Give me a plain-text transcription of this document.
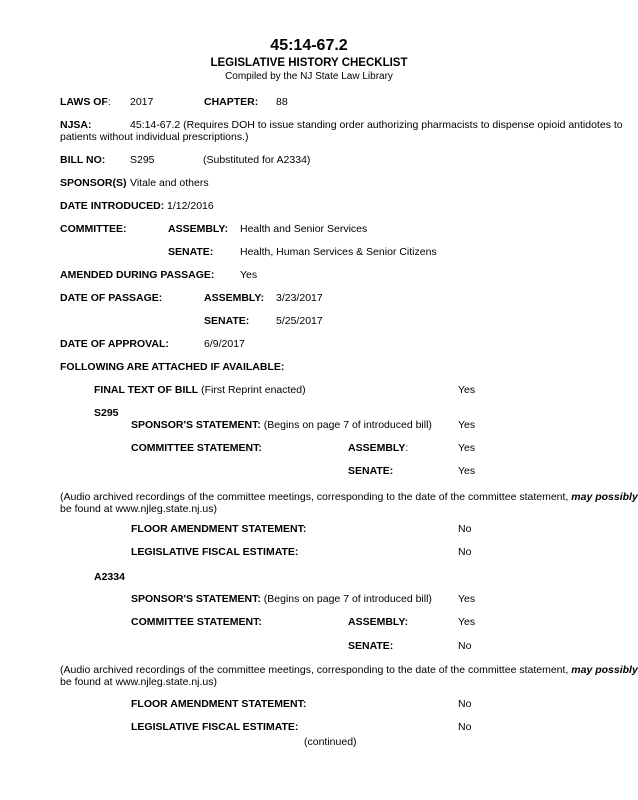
45:14-67.2
LEGISLATIVE HISTORY CHECKLIST
Compiled by the NJ State Law Library
LAWS OF: 2017	CHAPTER: 88
NJSA:	45:14-67.2 (Requires DOH to issue standing order authorizing pharmacists to dispense opioid antidotes to
patients without individual prescriptions.)
BILL NO: S295	(Substituted for A2334)
SPONSOR(S) Vitale and others
DATE INTRODUCED: 1/12/2016
COMMITTEE:	ASSEMBLY: Health and Senior Services
SENATE:	Health, Human Services & Senior Citizens
AMENDED DURING PASSAGE: Yes
DATE OF PASSAGE:	ASSEMBLY: 3/23/2017
SENATE:	5/25/2017
DATE OF APPROVAL:	6/9/2017
FOLLOWING ARE ATTACHED IF AVAILABLE:
FINAL TEXT OF BILL (First Reprint enacted)	Yes
S295
SPONSOR'S STATEMENT: (Begins on page 7 of introduced bill) Yes
COMMITTEE STATEMENT:	ASSEMBLY:	Yes
SENATE:	Yes
(Audio archived recordings of the committee meetings, corresponding to the date of the committee statement, may possibly
be found at www.njleg.state.nj.us)
FLOOR AMENDMENT STATEMENT:	No
LEGISLATIVE FISCAL ESTIMATE:	No
A2334
SPONSOR'S STATEMENT: (Begins on page 7 of introduced bill) Yes
COMMITTEE STATEMENT:	ASSEMBLY:	Yes
SENATE:	No
(Audio archived recordings of the committee meetings, corresponding to the date of the committee statement, may possibly
be found at www.njleg.state.nj.us)
FLOOR AMENDMENT STATEMENT:	No
LEGISLATIVE FISCAL ESTIMATE:	No
(continued)
